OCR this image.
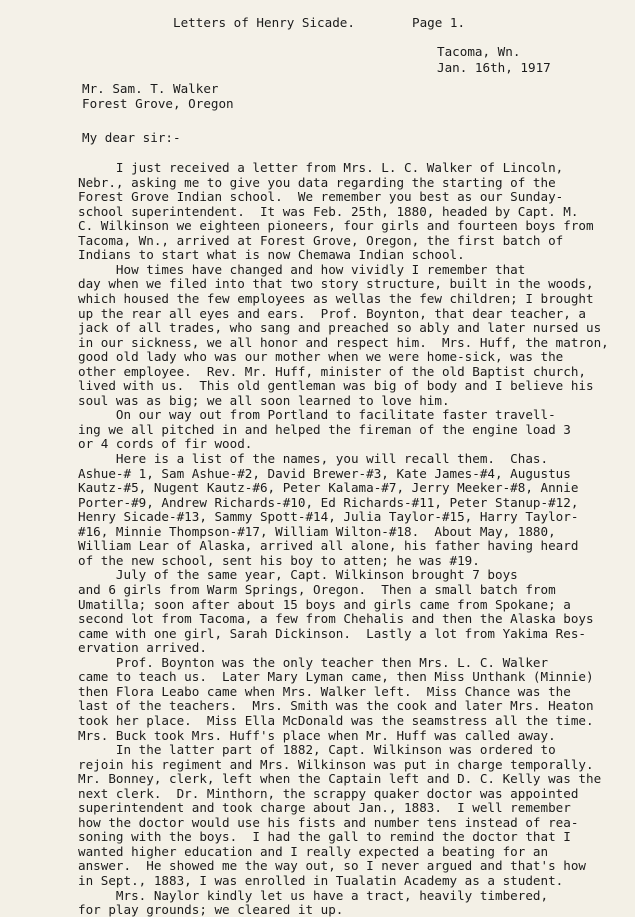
Letters of Henry Sicade.	Page 1.
Tacoma, Wn.
Jan. 16th, 1917
Mr. Sam. T. Walker
Forest Grove, Oregon
My dear sir:-
I just received a letter from Mrs. L. C. Walker of Lincoln,
Nebr., asking me to give you data regarding the starting of the
Forest Grove Indian school.  We remember you best as our Sunday-
school superintendent.  It was Feb. 25th, 1880, headed by Capt. M.
C. Wilkinson we eighteen pioneers, four girls and fourteen boys from
Tacoma, Wn., arrived at Forest Grove, Oregon, the first batch of
Indians to start what is now Chemawa Indian school.
How times have changed and how vividly I remember that
day when we filed into that two story structure, built in the woods,
which housed the few employees as wellas the few children; I brought
up the rear all eyes and ears.  Prof. Boynton, that dear teacher, a
jack of all trades, who sang and preached so ably and later nursed us
in our sickness, we all honor and respect him.  Mrs. Huff, the matron,
good old lady who was our mother when we were home-sick, was the
other employee.  Rev. Mr. Huff, minister of the old Baptist church,
lived with us.  This old gentleman was big of body and I believe his
soul was as big; we all soon learned to love him.
On our way out from Portland to facilitate faster travell-
ing we all pitched in and helped the fireman of the engine load 3
or 4 cords of fir wood.
Here is a list of the names, you will recall them.  Chas.
Ashue-# 1, Sam Ashue-#2, David Brewer-#3, Kate James-#4, Augustus
Kautz-#5, Nugent Kautz-#6, Peter Kalama-#7, Jerry Meeker-#8, Annie
Porter-#9, Andrew Richards-#10, Ed Richards-#11, Peter Stanup-#12,
Henry Sicade-#13, Sammy Spott-#14, Julia Taylor-#15, Harry Taylor-
#16, Minnie Thompson-#17, William Wilton-#18.  About May, 1880,
William Lear of Alaska, arrived all alone, his father having heard
of the new school, sent his boy to atten; he was #19.
July of the same year, Capt. Wilkinson brought 7 boys
and 6 girls from Warm Springs, Oregon.  Then a small batch from
Umatilla; soon after about 15 boys and girls came from Spokane; a
second lot from Tacoma, a few from Chehalis and then the Alaska boys
came with one girl, Sarah Dickinson.  Lastly a lot from Yakima Res-
ervation arrived.
Prof. Boynton was the only teacher then Mrs. L. C. Walker
came to teach us.  Later Mary Lyman came, then Miss Unthank (Minnie)
then Flora Leabo came when Mrs. Walker left.  Miss Chance was the
last of the teachers.  Mrs. Smith was the cook and later Mrs. Heaton
took her place.  Miss Ella McDonald was the seamstress all the time.
Mrs. Buck took Mrs. Huff's place when Mr. Huff was called away.
In the latter part of 1882, Capt. Wilkinson was ordered to
rejoin his regiment and Mrs. Wilkinson was put in charge temporally.
Mr. Bonney, clerk, left when the Captain left and D. C. Kelly was the
next clerk.  Dr. Minthorn, the scrappy quaker doctor was appointed
superintendent and took charge about Jan., 1883.  I well remember
how the doctor would use his fists and number tens instead of rea-
soning with the boys.  I had the gall to remind the doctor that I
wanted higher education and I really expected a beating for an
answer.  He showed me the way out, so I never argued and that's how
in Sept., 1883, I was enrolled in Tualatin Academy as a student.
Mrs. Naylor kindly let us have a tract, heavily timbered,
for play grounds; we cleared it up.
